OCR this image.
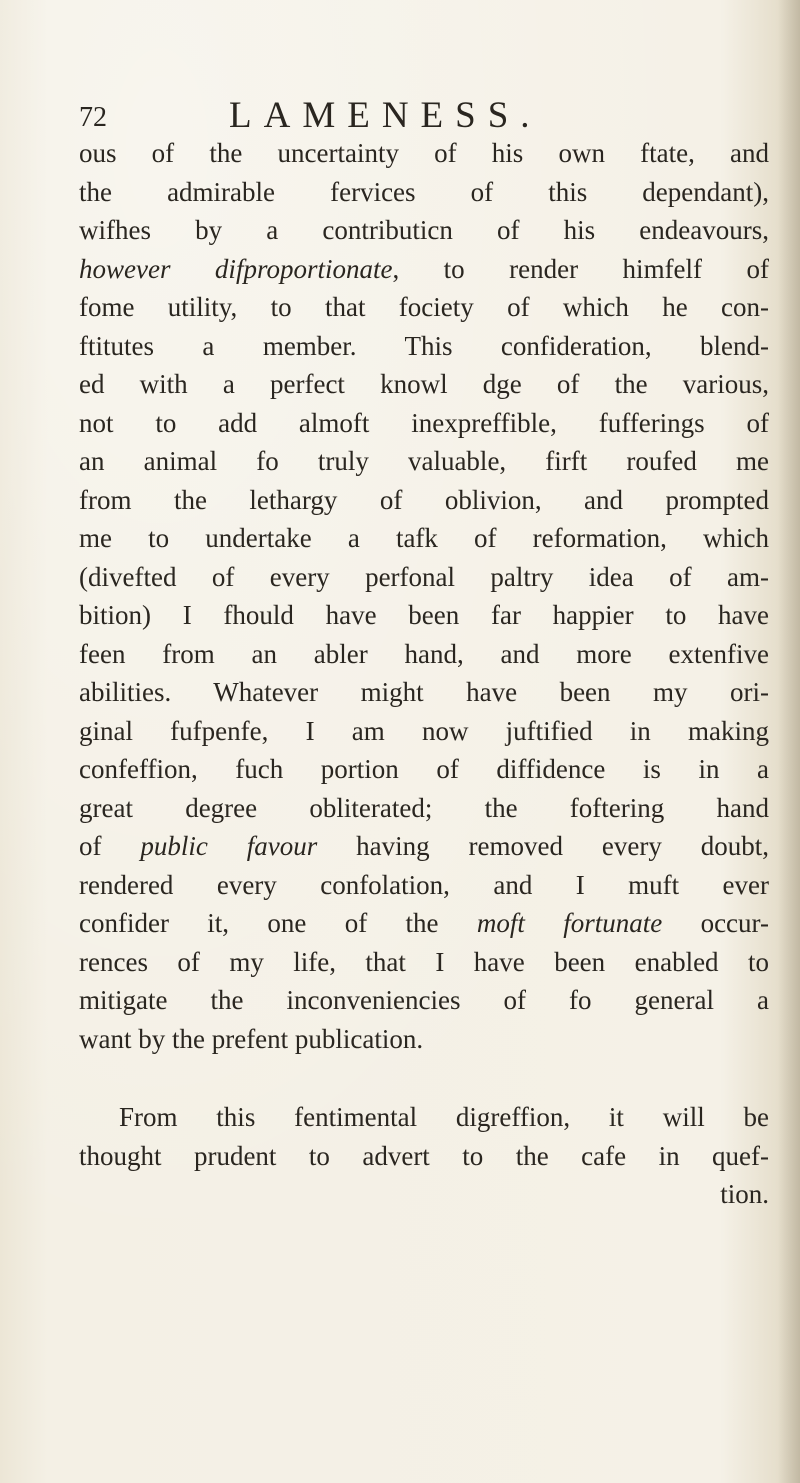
72	LAMENESS.
ous of the uncertainty of his own ftate, and
the admirable fervices of this dependant),
wifhes by a contributicn of his endeavours,
however difproportionate, to render himfelf of
fome utility, to that fociety of which he con-
ftitutes a member. This confideration, blend-
ed with a perfect knowl dge of the various,
not to add almoft inexpreffible, fufferings of
an animal fo truly valuable, firft roufed me
from the lethargy of oblivion, and prompted
me to undertake a tafk of reformation, which
(divefted of every perfonal paltry idea of am-
bition) I fhould have been far happier to have
feen from an abler hand, and more extenfive
abilities. Whatever might have been my ori-
ginal fufpenfe, I am now juftified in making
confeffion, fuch portion of diffidence is in a
great degree obliterated; the foftering hand
of public favour having removed every doubt,
rendered every confolation, and I muft ever
confider it, one of the moft fortunate occur-
rences of my life, that I have been enabled to
mitigate the inconveniencies of fo general a
want by the prefent publication.
From this fentimental digreffion, it will be
thought prudent to advert to the cafe in quef-
tion.
